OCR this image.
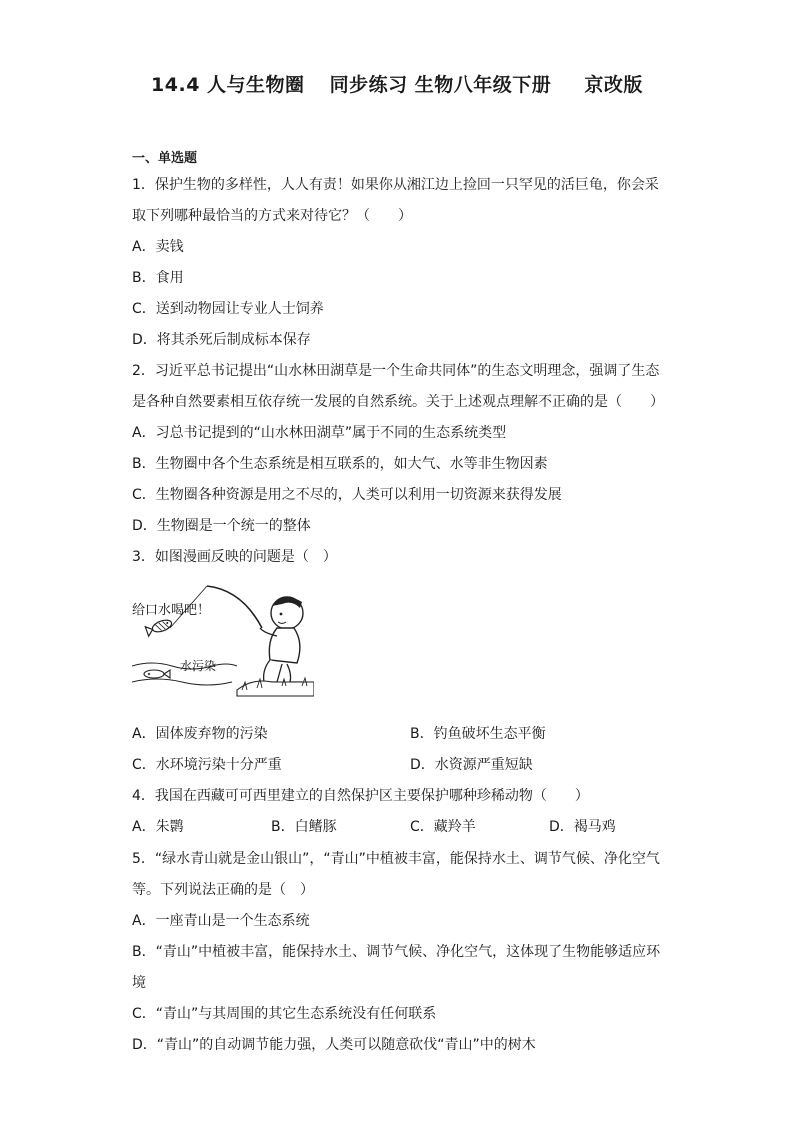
14.4 人与生物圈 同步练习 生物八年级下册 京改版
一、单选题
1．保护生物的多样性，人人有责！如果你从湘江边上捡回一只罕见的活巨龟，你会采
取下列哪种最恰当的方式来对待它？（　　）
A．卖钱
B．食用
C．送到动物园让专业人士饲养
D．将其杀死后制成标本保存
2．习近平总书记提出“山水林田湖草是一个生命共同体”的生态文明理念，强调了生态
是各种自然要素相互依存统一发展的自然系统。关于上述观点理解不正确的是（　　）
A．习总书记提到的“山水林田湖草”属于不同的生态系统类型
B．生物圈中各个生态系统是相互联系的，如大气、水等非生物因素
C．生物圈各种资源是用之不尽的，人类可以利用一切资源来获得发展
D．生物圈是一个统一的整体
3．如图漫画反映的问题是（　）
给口水喝吧！
水污染
A．固体废弃物的污染	B．钓鱼破坏生态平衡
C．水环境污染十分严重	D．水资源严重短缺
4．我国在西藏可可西里建立的自然保护区主要保护哪种珍稀动物（　　）
A．朱鹮	B．白鳍豚	C．藏羚羊	D．褐马鸡
5．“绿水青山就是金山银山”，“青山”中植被丰富，能保持水土、调节气候、净化空气
等。下列说法正确的是（　）
A．一座青山是一个生态系统
B．“青山”中植被丰富，能保持水土、调节气候、净化空气，这体现了生物能够适应环
境
C．“青山”与其周围的其它生态系统没有任何联系
D．“青山”的自动调节能力强，人类可以随意砍伐“青山”中的树木
